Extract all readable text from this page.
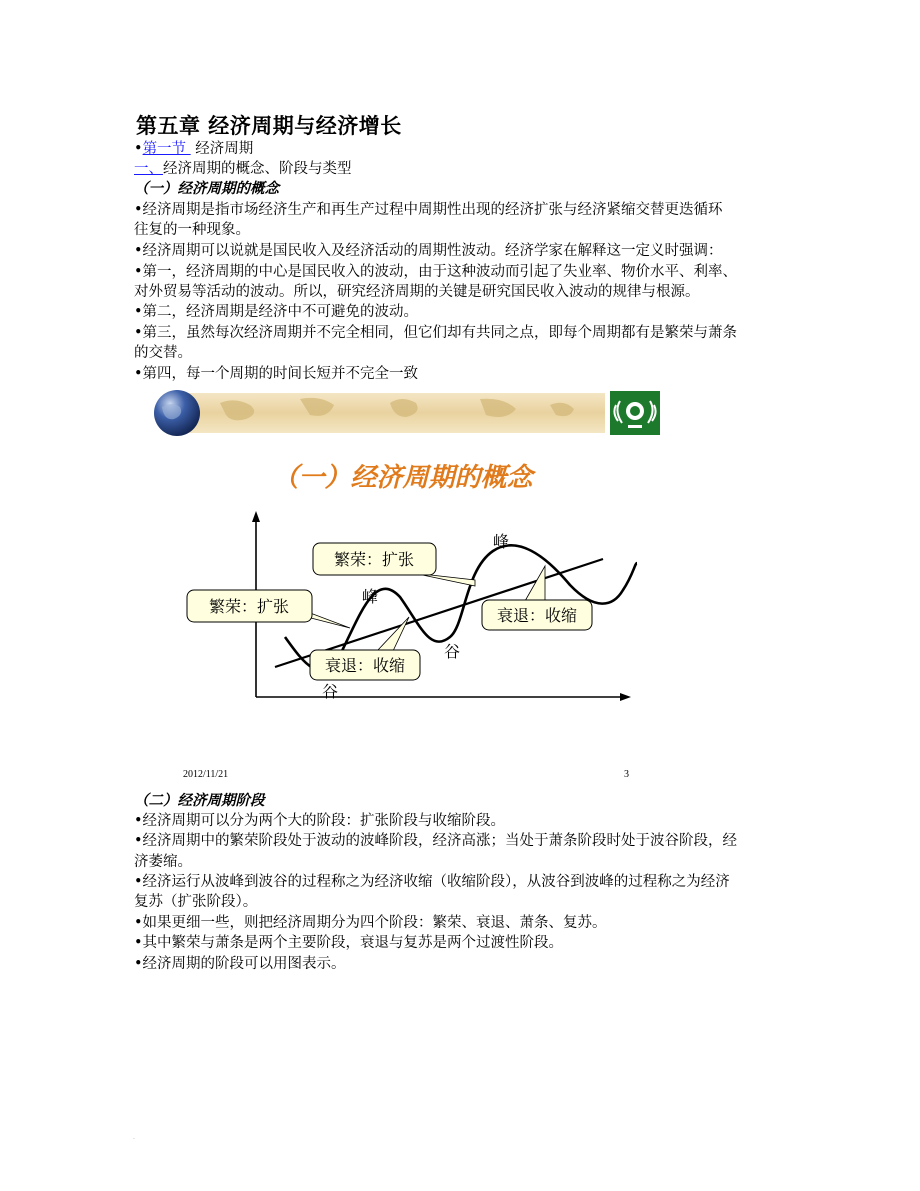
第五章 经济周期与经济增长
•第一节  经济周期
一、经济周期的概念、阶段与类型
（一）经济周期的概念
•经济周期是指市场经济生产和再生产过程中周期性出现的经济扩张与经济紧缩交替更迭循环
往复的一种现象。
•经济周期可以说就是国民收入及经济活动的周期性波动。经济学家在解释这一定义时强调：
•第一，经济周期的中心是国民收入的波动，由于这种波动而引起了失业率、物价水平、利率、
对外贸易等活动的波动。所以，研究经济周期的关键是研究国民收入波动的规律与根源。
•第二，经济周期是经济中不可避免的波动。
•第三，虽然每次经济周期并不完全相同，但它们却有共同之点，即每个周期都有是繁荣与萧条
的交替。
•第四，每一个周期的时间长短并不完全一致
（一）经济周期的概念
繁荣：扩张
繁荣：扩张
衰退：收缩
衰退：收缩
峰
峰
谷
谷
2012/11/21	3
（二）经济周期阶段
•经济周期可以分为两个大的阶段：扩张阶段与收缩阶段。
•经济周期中的繁荣阶段处于波动的波峰阶段，经济高涨；当处于萧条阶段时处于波谷阶段，经
济萎缩。
•经济运行从波峰到波谷的过程称之为经济收缩（收缩阶段），从波谷到波峰的过程称之为经济
复苏（扩张阶段）。
•如果更细一些，则把经济周期分为四个阶段：繁荣、衰退、萧条、复苏。
•其中繁荣与萧条是两个主要阶段，衰退与复苏是两个过渡性阶段。
•经济周期的阶段可以用图表示。
.
